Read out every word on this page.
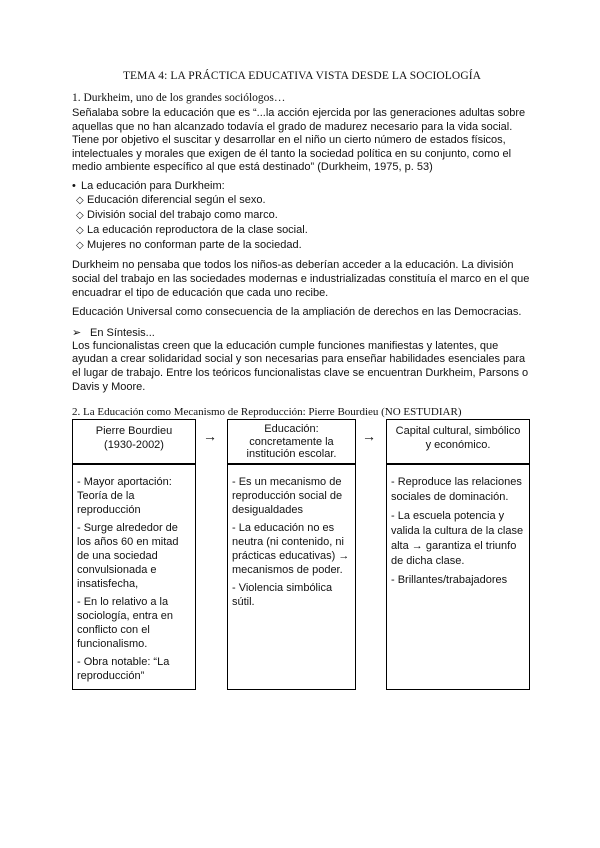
TEMA 4: LA PRÁCTICA EDUCATIVA VISTA DESDE LA SOCIOLOGÍA
1. Durkheim, uno de los grandes sociólogos…

Señalaba sobre la educación que es “...la acción ejercida por las generaciones adultas sobre aquellas que no han alcanzado todavía el grado de madurez necesario para la vida social. Tiene por objetivo el suscitar y desarrollar en el niño un cierto número de estados físicos, intelectuales y morales que exigen de él tanto la sociedad política en su conjunto, como el medio ambiente específico al que está destinado” (Durkheim, 1975, p. 53)

• La educación para Durkheim:
◇ Educación diferencial según el sexo.
◇ División social del trabajo como marco.
◇ La educación reproductora de la clase social.
◇ Mujeres no conforman parte de la sociedad.

Durkheim no pensaba que todos los niños-as deberían acceder a la educación. La división social del trabajo en las sociedades modernas e industrializadas constituía el marco en el que encuadrar el tipo de educación que cada uno recibe.

Educación Universal como consecuencia de la ampliación de derechos en las Democracias.

➢ En Síntesis...

Los funcionalistas creen que la educación cumple funciones manifiestas y latentes, que ayudan a crear solidaridad social y son necesarias para enseñar habilidades esenciales para el lugar de trabajo. Entre los teóricos funcionalistas clave se encuentran Durkheim, Parsons o Davis y Moore.

2. La Educación como Mecanismo de Reproducción: Pierre Bourdieu (NO ESTUDIAR)
Pierre Bourdieu
(1930-2002)
Educación:
concretamente la
institución escolar.
Capital cultural, simbólico
y económico.
→	→
- Mayor aportación: Teoría de la reproducción
- Surge alrededor de los años 60 en mitad de una sociedad convulsionada e insatisfecha,
- En lo relativo a la sociología, entra en conflicto con el funcionalismo.
- Obra notable: “La reproducción”
- Es un mecanismo de reproducción social de desigualdades
- La educación no es neutra (ni contenido, ni prácticas educativas) → mecanismos de poder.
- Violencia simbólica sútil.
- Reproduce las relaciones sociales de dominación.
- La escuela potencia y valida la cultura de la clase alta → garantiza el triunfo de dicha clase.
- Brillantes/trabajadores
